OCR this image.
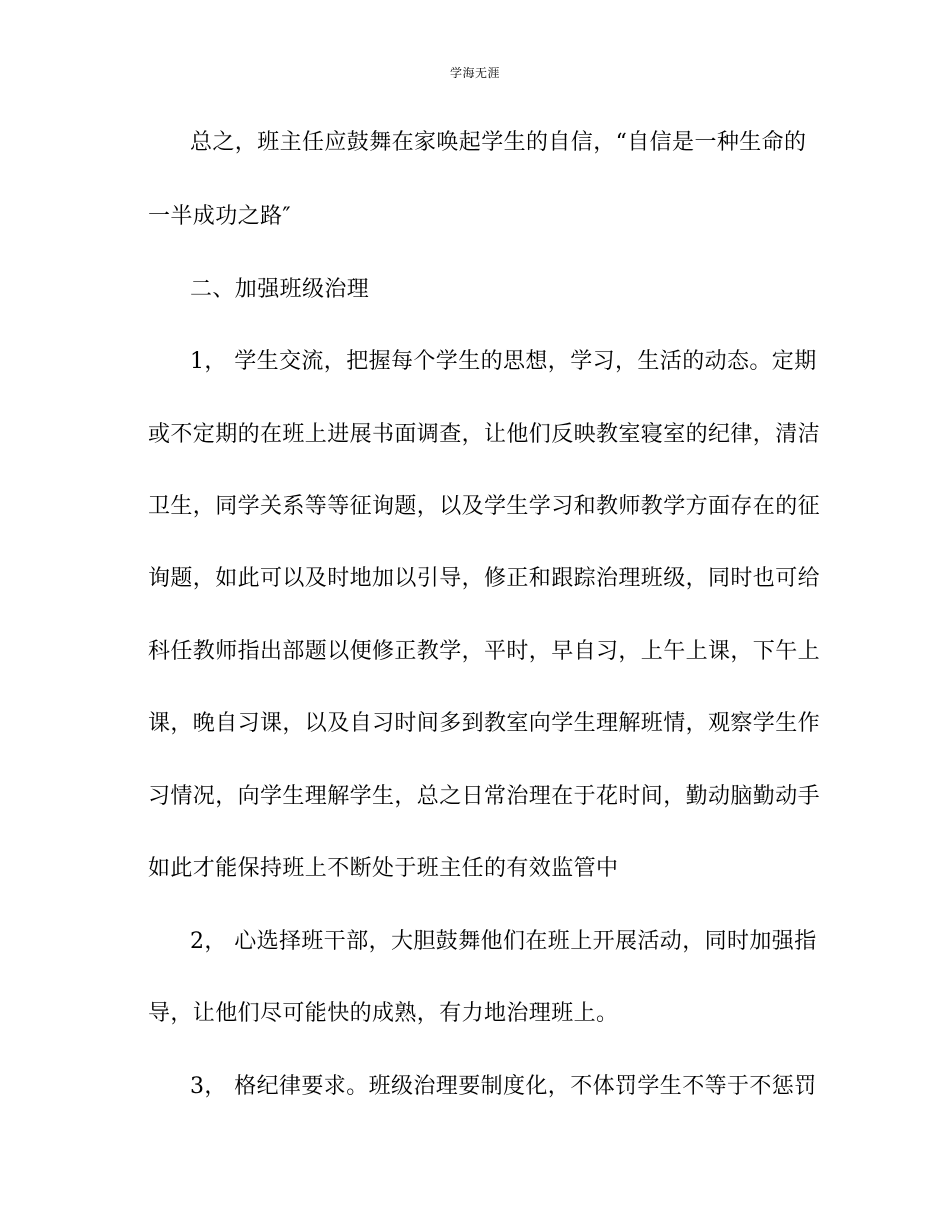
学海无涯
总之，班主任应鼓舞在家唤起学生的自信，“自信是一种生命的
一半成功之路″
二、加强班级治理
1， 学生交流，把握每个学生的思想，学习，生活的动态。定期
或不定期的在班上进展书面调查，让他们反映教室寝室的纪律，清洁
卫生，同学关系等等征询题，以及学生学习和教师教学方面存在的征
询题，如此可以及时地加以引导，修正和跟踪治理班级，同时也可给
科任教师指出部题以便修正教学，平时，早自习，上午上课，下午上
课，晚自习课，以及自习时间多到教室向学生理解班情，观察学生作
习情况，向学生理解学生，总之日常治理在于花时间，勤动脑勤动手
如此才能保持班上不断处于班主任的有效监管中
2， 心选择班干部，大胆鼓舞他们在班上开展活动，同时加强指
导，让他们尽可能快的成熟，有力地治理班上。
3， 格纪律要求。班级治理要制度化，不体罚学生不等于不惩罚
